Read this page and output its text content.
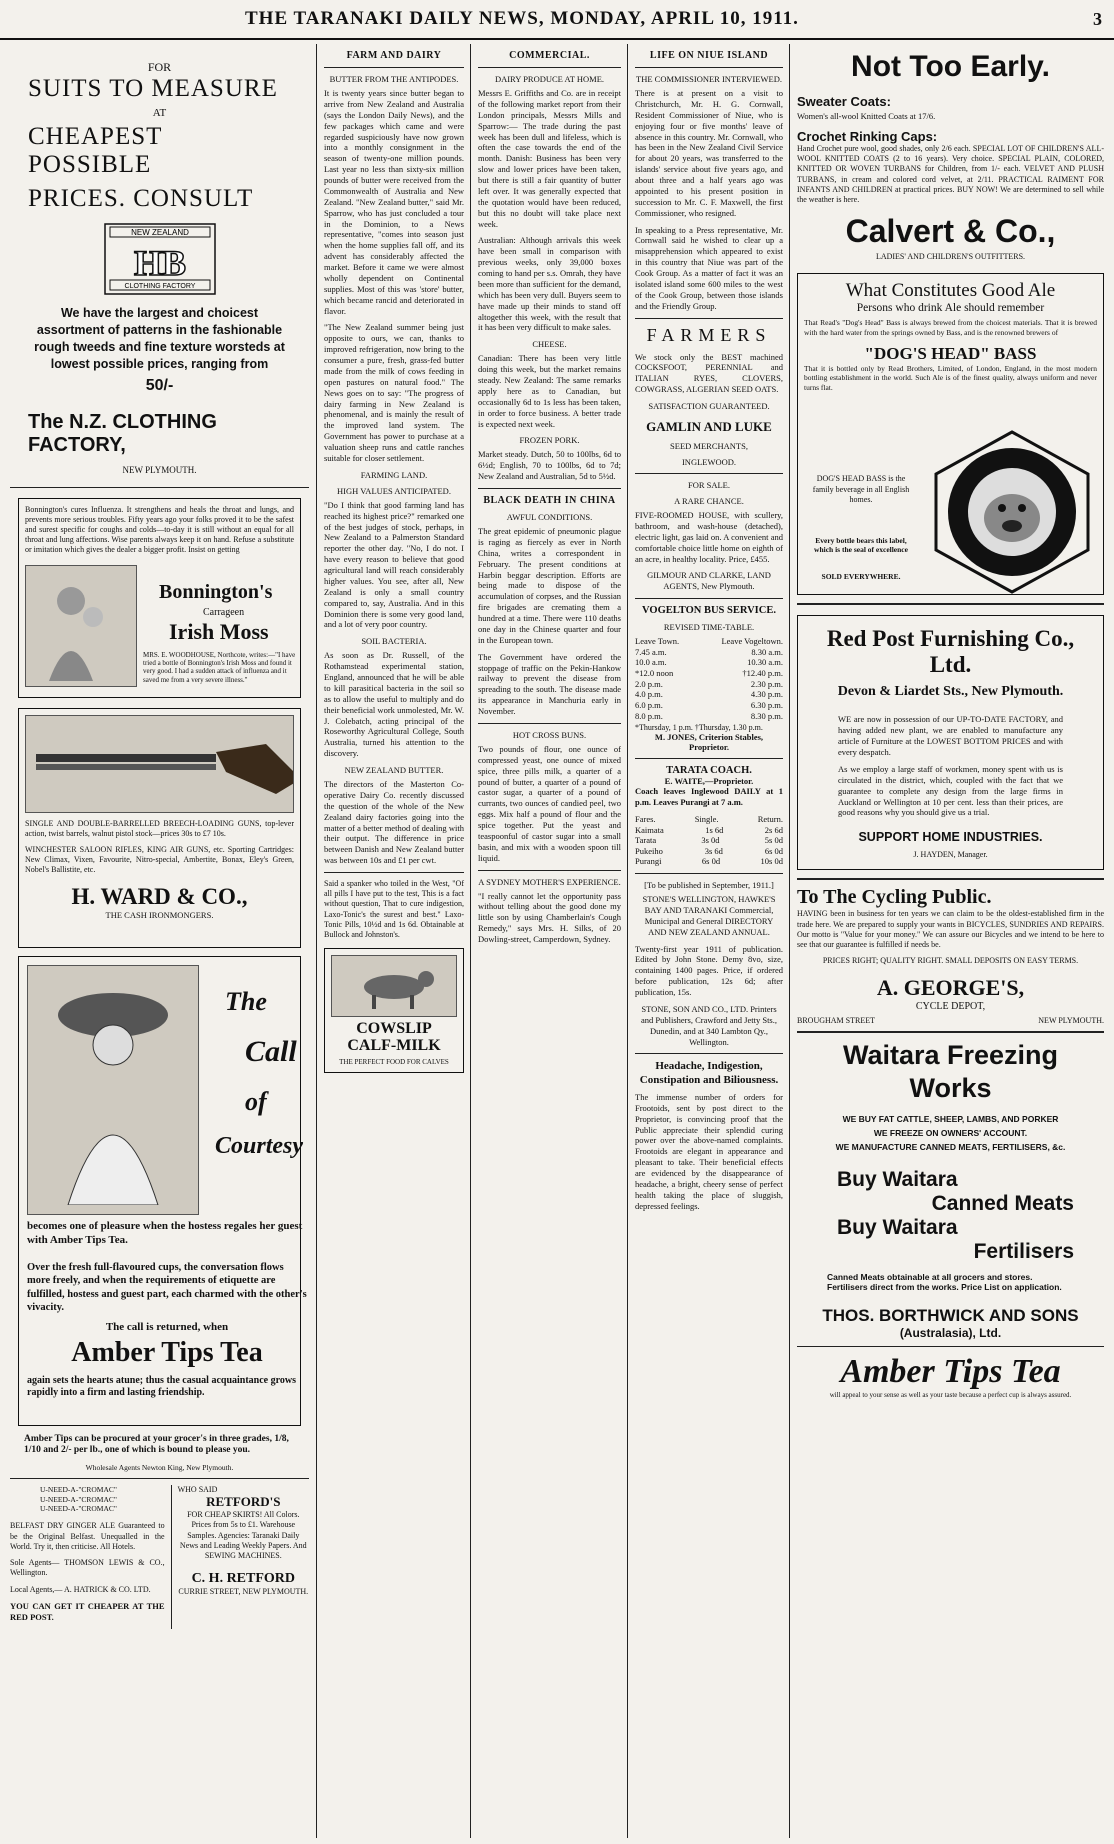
THE TARANAKI DAILY NEWS, MONDAY, APRIL 10, 1911.	3
FOR
SUITS TO MEASURE
AT
CHEAPEST POSSIBLE
PRICES. CONSULT
NEW ZEALAND
HB
CLOTHING FACTORY
We have the largest and choicest assortment of patterns in the fashionable rough tweeds and fine texture worsteds at lowest possible prices, ranging from
50/-
The N.Z. CLOTHING FACTORY,
NEW PLYMOUTH.
Bonnington's cures Influenza. It strengthens and heals the throat and lungs, and prevents more serious troubles. Fifty years ago your folks proved it to be the safest and surest specific for coughs and colds—to-day it is still without an equal for all throat and lung affections. Wise parents always keep it on hand. Refuse a substitute or imitation which gives the dealer a bigger profit. Insist on getting
Bonnington's
Carrageen
Irish Moss
MRS. E. WOODHOUSE, Northcote, writes:—"I have tried a bottle of Bonnington's Irish Moss and found it very good. I had a sudden attack of influenza and it saved me from a very severe illness."
SINGLE AND DOUBLE-BARRELLED BREECH-LOADING GUNS, top-lever action, twist barrels, walnut pistol stock—prices 30s to £7 10s.
WINCHESTER SALOON RIFLES, KING AIR GUNS, etc. Sporting Cartridges: New Climax, Vixen, Favourite, Nitro-special, Ambertite, Bonax, Eley's Green, Nobel's Ballistite, etc.
H. WARD & CO.,
THE CASH IRONMONGERS.
The
Call
of
Courtesy
becomes one of pleasure when the hostess regales her guest with Amber Tips Tea.
Over the fresh full-flavoured cups, the conversation flows more freely, and when the requirements of etiquette are fulfilled, hostess and guest part, each charmed with the other's vivacity.
The call is returned, when
Amber Tips Tea
again sets the hearts atune; thus the casual acquaintance grows rapidly into a firm and lasting friendship.
Amber Tips can be procured at your grocer's in three grades, 1/8, 1/10 and 2/- per lb., one of which is bound to please you.
Wholesale Agents Newton King, New Plymouth.
U-NEED-A-"CROMAC"
U-NEED-A-"CROMAC"
U-NEED-A-"CROMAC"
BELFAST DRY GINGER ALE Guaranteed to be the Original Belfast. Unequalled in the World. Try it, then criticise. All Hotels.
Sole Agents— THOMSON LEWIS & CO., Wellington.
Local Agents,— A. HATRICK & CO. LTD.
YOU CAN GET IT CHEAPER AT THE RED POST.
WHO SAID
RETFORD'S
FOR CHEAP SKIRTS! All Colors. Prices from 5s to £1. Warehouse Samples. Agencies: Taranaki Daily News and Leading Weekly Papers. And SEWING MACHINES.
C. H. RETFORD
CURRIE STREET, NEW PLYMOUTH.
FARM AND DAIRY
BUTTER FROM THE ANTIPODES.
It is twenty years since butter began to arrive from New Zealand and Australia (says the London Daily News), and the few packages which came and were regarded suspiciously have now grown into a monthly consignment in the season of twenty-one million pounds. Last year no less than sixty-six million pounds of butter were received from the Commonwealth of Australia and New Zealand. "New Zealand butter," said Mr. Sparrow, who has just concluded a tour in the Dominion, to a News representative, "comes into season just when the home supplies fall off, and its advent has considerably affected the market. Before it came we were almost wholly dependent on Continental supplies. Most of this was 'store' butter, which became rancid and deteriorated in flavor.
"The New Zealand summer being just opposite to ours, we can, thanks to improved refrigeration, now bring to the consumer a pure, fresh, grass-fed butter made from the milk of cows feeding in open pastures on natural food." The News goes on to say: "The progress of dairy farming in New Zealand is phenomenal, and is mainly the result of the improved land system. The Government has power to purchase at a valuation sheep runs and cattle ranches suitable for closer settlement.
FARMING LAND.
HIGH VALUES ANTICIPATED.
"Do I think that good farming land has reached its highest price?" remarked one of the best judges of stock, perhaps, in New Zealand to a Palmerston Standard reporter the other day. "No, I do not. I have every reason to believe that good agricultural land will reach considerably higher values. You see, after all, New Zealand is only a small country compared to, say, Australia. And in this Dominion there is some very good land, and a lot of very poor country.
SOIL BACTERIA.
As soon as Dr. Russell, of the Rothamstead experimental station, England, announced that he will be able to kill parasitical bacteria in the soil so as to allow the useful to multiply and do their beneficial work unmolested, Mr. W. J. Colebatch, acting principal of the Roseworthy Agricultural College, South Australia, turned his attention to the discovery.
NEW ZEALAND BUTTER.
The directors of the Masterton Co-operative Dairy Co. recently discussed the question of the whole of the New Zealand dairy factories going into the matter of a better method of dealing with their output. The difference in price between Danish and New Zealand butter was between 10s and £1 per cwt.
Said a spanker who toiled in the West, "Of all pills I have put to the test, This is a fact without question, That to cure indigestion, Laxo-Tonic's the surest and best." Laxo-Tonic Pills, 10½d and 1s 6d. Obtainable at Bullock and Johnston's.
COWSLIP CALF-MILK
THE PERFECT FOOD FOR CALVES
COMMERCIAL.
DAIRY PRODUCE AT HOME.
Messrs E. Griffiths and Co. are in receipt of the following market report from their London principals, Messrs Mills and Sparrow:— The trade during the past week has been dull and lifeless, which is often the case towards the end of the month. Danish: Business has been very slow and lower prices have been taken, but there is still a fair quantity of butter left over. It was generally expected that the quotation would have been reduced, but this no doubt will take place next week.
Australian: Although arrivals this week have been small in comparison with previous weeks, only 39,000 boxes coming to hand per s.s. Omrah, they have been more than sufficient for the demand, which has been very dull. Buyers seem to have made up their minds to stand off altogether this week, with the result that it has been very difficult to make sales.
CHEESE.
Canadian: There has been very little doing this week, but the market remains steady. New Zealand: The same remarks apply here as to Canadian, but occasionally 6d to 1s less has been taken, in order to force business. A better trade is expected next week.
FROZEN PORK.
Market steady. Dutch, 50 to 100lbs, 6d to 6½d; English, 70 to 100lbs, 6d to 7d; New Zealand and Australian, 5d to 5½d.
BLACK DEATH IN CHINA
AWFUL CONDITIONS.
The great epidemic of pneumonic plague is raging as fiercely as ever in North China, writes a correspondent in February. The present conditions at Harbin beggar description. Efforts are being made to dispose of the accumulation of corpses, and the Russian fire brigades are cremating them a hundred at a time. There were 110 deaths one day in the Chinese quarter and four in the European town.
The Government have ordered the stoppage of traffic on the Pekin-Hankow railway to prevent the disease from spreading to the south. The disease made its appearance in Manchuria early in November.
HOT CROSS BUNS.
Two pounds of flour, one ounce of compressed yeast, one ounce of mixed spice, three pills milk, a quarter of a pound of butter, a quarter of a pound of castor sugar, a quarter of a pound of currants, two ounces of candied peel, two eggs. Mix half a pound of flour and the spice together. Put the yeast and teaspoonful of castor sugar into a small basin, and mix with a wooden spoon till liquid.
A SYDNEY MOTHER'S EXPERIENCE.
"I really cannot let the opportunity pass without telling about the good done my little son by using Chamberlain's Cough Remedy," says Mrs. H. Silks, of 20 Dowling-street, Camperdown, Sydney.
LIFE ON NIUE ISLAND
THE COMMISSIONER INTERVIEWED.
There is at present on a visit to Christchurch, Mr. H. G. Cornwall, Resident Commissioner of Niue, who is enjoying four or five months' leave of absence in this country. Mr. Cornwall, who has been in the New Zealand Civil Service for about 20 years, was transferred to the islands' service about five years ago, and about three and a half years ago was appointed to his present position in succession to Mr. C. F. Maxwell, the first Commissioner, who resigned.
In speaking to a Press representative, Mr. Cornwall said he wished to clear up a misapprehension which appeared to exist in this country that Niue was part of the Cook Group. As a matter of fact it was an isolated island some 600 miles to the west of the Cook Group, between those islands and the Friendly Group.
FARMERS
We stock only the BEST machined COCKSFOOT, PERENNIAL and ITALIAN RYES, CLOVERS, COWGRASS, ALGERIAN SEED OATS.
SATISFACTION GUARANTEED.
GAMLIN AND LUKE
SEED MERCHANTS,
INGLEWOOD.
FOR SALE.
A RARE CHANCE.
FIVE-ROOMED HOUSE, with scullery, bathroom, and wash-house (detached), electric light, gas laid on. A convenient and comfortable choice little home on eighth of an acre, in healthy locality. Price, £455.
GILMOUR AND CLARKE, LAND AGENTS, New Plymouth.
VOGELTON BUS SERVICE.
REVISED TIME-TABLE.
Leave Town.	Leave Vogeltown.
7.45 a.m.	8.30 a.m.
10.0 a.m.	10.30 a.m.
*12.0 noon	†12.40 p.m.
2.0 p.m.	2.30 p.m.
4.0 p.m.	4.30 p.m.
6.0 p.m.	6.30 p.m.
8.0 p.m.	8.30 p.m.
*Thursday, 1 p.m. †Thursday, 1.30 p.m.
M. JONES, Criterion Stables, Proprietor.
TARATA COACH.
E. WAITE,—Proprietor.
Coach leaves Inglewood DAILY at 1 p.m. Leaves Purangi at 7 a.m.
Fares.	Single.	Return.
Kaimata	1s 6d	2s 6d
Tarata	3s 0d	5s 0d
Pukeiho	3s 6d	6s 0d
Purangi	6s 0d	10s 0d
[To be published in September, 1911.]
STONE'S WELLINGTON, HAWKE'S BAY AND TARANAKI Commercial, Municipal and General DIRECTORY AND NEW ZEALAND ANNUAL.
Twenty-first year 1911 of publication. Edited by John Stone. Demy 8vo, size, containing 1400 pages. Price, if ordered before publication, 12s 6d; after publication, 15s.
STONE, SON AND CO., LTD. Printers and Publishers, Crawford and Jetty Sts., Dunedin, and at 340 Lambton Qy., Wellington.
Headache, Indigestion, Constipation and Biliousness.
The immense number of orders for Frootoids, sent by post direct to the Proprietor, is convincing proof that the Public appreciate their splendid curing power over the above-named complaints. Frootoids are elegant in appearance and pleasant to take. Their beneficial effects are evidenced by the disappearance of headache, a bright, cheery sense of perfect health taking the place of sluggish, depressed feelings.
Not Too Early.
Sweater Coats:
Women's all-wool Knitted Coats at 17/6.
Crochet Rinking Caps:
Hand Crochet pure wool, good shades, only 2/6 each. SPECIAL LOT OF CHILDREN'S ALL-WOOL KNITTED COATS (2 to 16 years). Very choice. SPECIAL PLAIN, COLORED, KNITTED OR WOVEN TURBANS for Children, from 1/- each. VELVET AND PLUSH TURBANS, in cream and colored cord velvet, at 2/11. PRACTICAL RAIMENT FOR INFANTS AND CHILDREN at practical prices. BUY NOW! We are determined to sell while the weather is here.
Calvert & Co.,
LADIES' AND CHILDREN'S OUTFITTERS.
What Constitutes Good Ale
Persons who drink Ale should remember
That Read's "Dog's Head" Bass is always brewed from the choicest materials. That it is brewed with the hard water from the springs owned by Bass, and is the renowned brewers of
"DOG'S HEAD" BASS
That it is bottled only by Read Brothers, Limited, of London, England, in the most modern bottling establishment in the world. Such Ale is of the finest quality, always uniform and never turns flat.
DOG'S HEAD BASS is the family beverage in all English homes.
Every bottle bears this label, which is the seal of excellence
SOLD EVERYWHERE.
Red Post Furnishing Co., Ltd.
Devon & Liardet Sts., New Plymouth.
WE are now in possession of our UP-TO-DATE FACTORY, and having added new plant, we are enabled to manufacture any article of Furniture at the LOWEST BOTTOM PRICES and with every despatch.
As we employ a large staff of workmen, money spent with us is circulated in the district, which, coupled with the fact that we guarantee to complete any design from the large firms in Auckland or Wellington at 10 per cent. less than their prices, are good reasons why you should give us a trial.
SUPPORT HOME INDUSTRIES.
J. HAYDEN, Manager.
To The Cycling Public.
HAVING been in business for ten years we can claim to be the oldest-established firm in the trade here. We are prepared to supply your wants in BICYCLES, SUNDRIES AND REPAIRS. Our motto is "Value for your money." We can assure our Bicycles and we intend to be here to see that our guarantee is fulfilled if needs be.
PRICES RIGHT; QUALITY RIGHT. SMALL DEPOSITS ON EASY TERMS.
A. GEORGE'S,
CYCLE DEPOT,
BROUGHAM STREET	NEW PLYMOUTH.
Waitara Freezing Works
WE BUY FAT CATTLE, SHEEP, LAMBS, AND PORKER
WE FREEZE ON OWNERS' ACCOUNT.
WE MANUFACTURE CANNED MEATS, FERTILISERS, &c.
Buy Waitara
Canned Meats
Buy Waitara
Fertilisers
Canned Meats obtainable at all grocers and stores. Fertilisers direct from the works. Price List on application.
THOS. BORTHWICK AND SONS
(Australasia), Ltd.
Amber Tips Tea
will appeal to your sense as well as your taste because a perfect cup is always assured.
